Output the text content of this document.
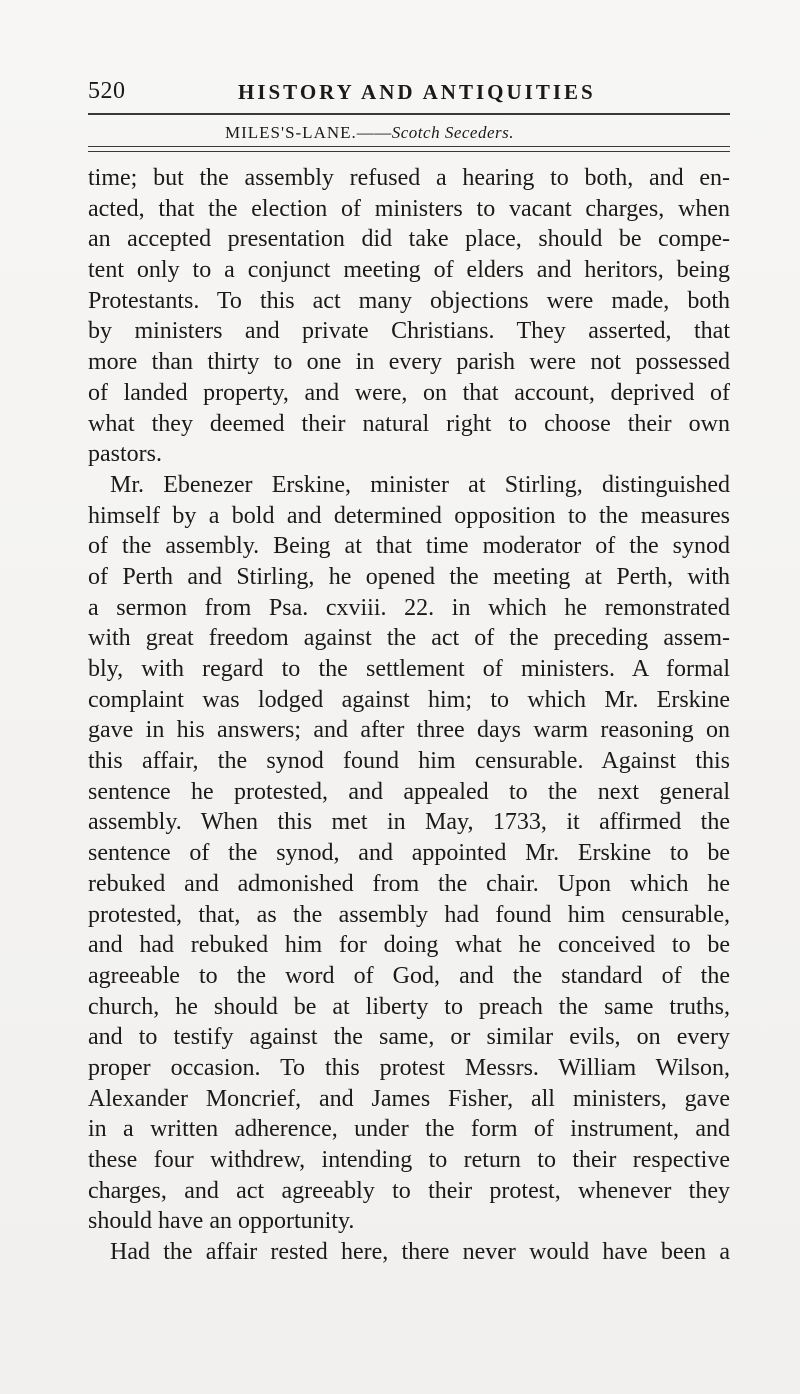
520	HISTORY AND ANTIQUITIES
MILES'S-LANE.——Scotch Seceders.
time; but the assembly refused a hearing to both, and en-
acted, that the election of ministers to vacant charges, when
an accepted presentation did take place, should be compe-
tent only to a conjunct meeting of elders and heritors, being
Protestants. To this act many objections were made, both
by ministers and private Christians. They asserted, that
more than thirty to one in every parish were not possessed
of landed property, and were, on that account, deprived of
what they deemed their natural right to choose their own
pastors.
Mr. Ebenezer Erskine, minister at Stirling, distinguished
himself by a bold and determined opposition to the measures
of the assembly. Being at that time moderator of the synod
of Perth and Stirling, he opened the meeting at Perth, with
a sermon from Psa. cxviii. 22. in which he remonstrated
with great freedom against the act of the preceding assem-
bly, with regard to the settlement of ministers. A formal
complaint was lodged against him; to which Mr. Erskine
gave in his answers; and after three days warm reasoning on
this affair, the synod found him censurable. Against this
sentence he protested, and appealed to the next general
assembly. When this met in May, 1733, it affirmed the
sentence of the synod, and appointed Mr. Erskine to be
rebuked and admonished from the chair. Upon which he
protested, that, as the assembly had found him censurable,
and had rebuked him for doing what he conceived to be
agreeable to the word of God, and the standard of the
church, he should be at liberty to preach the same truths,
and to testify against the same, or similar evils, on every
proper occasion. To this protest Messrs. William Wilson,
Alexander Moncrief, and James Fisher, all ministers, gave
in a written adherence, under the form of instrument, and
these four withdrew, intending to return to their respective
charges, and act agreeably to their protest, whenever they
should have an opportunity.
Had the affair rested here, there never would have been a
